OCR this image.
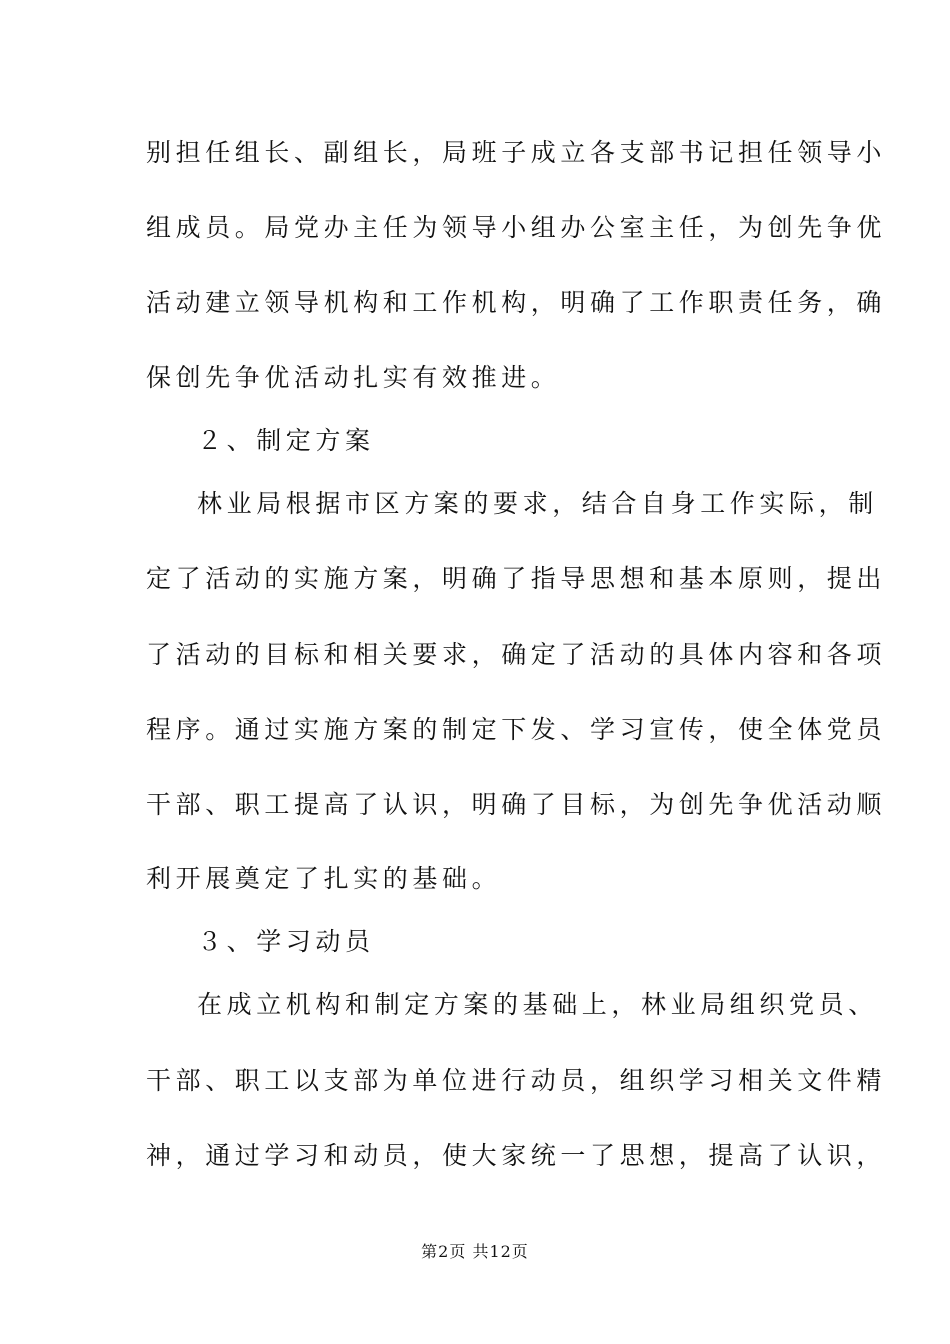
别担任组长、副组长，局班子成立各支部书记担任领导小
组成员。局党办主任为领导小组办公室主任，为创先争优
活动建立领导机构和工作机构，明确了工作职责任务，确
保创先争优活动扎实有效推进。
２、制定方案
林业局根据市区方案的要求，结合自身工作实际，制
定了活动的实施方案，明确了指导思想和基本原则，提出
了活动的目标和相关要求，确定了活动的具体内容和各项
程序。通过实施方案的制定下发、学习宣传，使全体党员
干部、职工提高了认识，明确了目标，为创先争优活动顺
利开展奠定了扎实的基础。
３、学习动员
在成立机构和制定方案的基础上，林业局组织党员、
干部、职工以支部为单位进行动员，组织学习相关文件精
神，通过学习和动员，使大家统一了思想，提高了认识，
第2页 共12页
